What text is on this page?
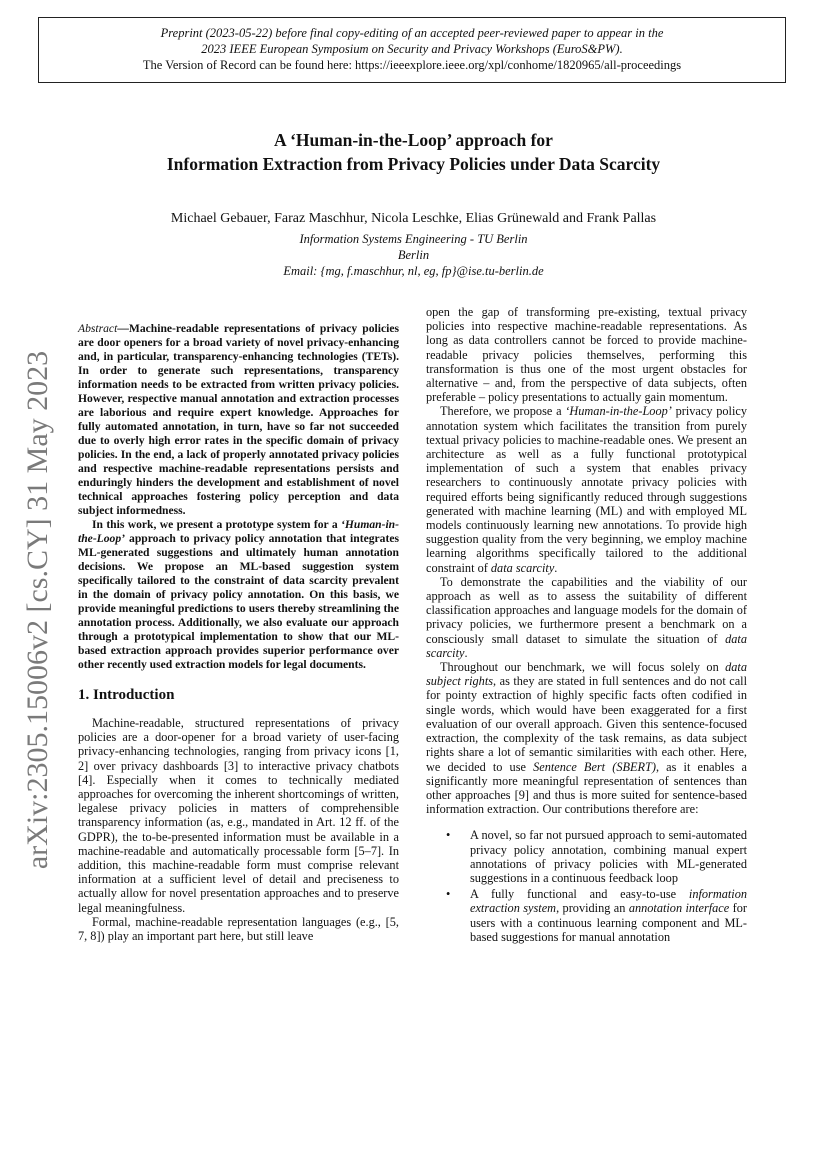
Preprint (2023-05-22) before final copy-editing of an accepted peer-reviewed paper to appear in the
2023 IEEE European Symposium on Security and Privacy Workshops (EuroS&PW).
The Version of Record can be found here: https://ieeexplore.ieee.org/xpl/conhome/1820965/all-proceedings
arXiv:2305.15006v2 [cs.CY] 31 May 2023
A ‘Human-in-the-Loop’ approach for
Information Extraction from Privacy Policies under Data Scarcity
Michael Gebauer, Faraz Maschhur, Nicola Leschke, Elias Grünewald and Frank Pallas
Information Systems Engineering - TU Berlin
Berlin
Email: {mg, f.maschhur, nl, eg, fp}@ise.tu-berlin.de

Abstract—Machine-readable representations of privacy policies are door openers for a broad variety of novel privacy-enhancing and, in particular, transparency-enhancing technologies (TETs). In order to generate such representations, transparency information needs to be extracted from written privacy policies. However, respective manual annotation and extraction processes are laborious and require expert knowledge. Approaches for fully automated annotation, in turn, have so far not succeeded due to overly high error rates in the specific domain of privacy policies. In the end, a lack of properly annotated privacy policies and respective machine-readable representations persists and enduringly hinders the development and establishment of novel technical approaches fostering policy perception and data subject informedness.

In this work, we present a prototype system for a ‘Human-in-the-Loop’ approach to privacy policy annotation that integrates ML-generated suggestions and ultimately human annotation decisions. We propose an ML-based suggestion system specifically tailored to the constraint of data scarcity prevalent in the domain of privacy policy annotation. On this basis, we provide meaningful predictions to users thereby streamlining the annotation process. Additionally, we also evaluate our approach through a prototypical implementation to show that our ML-based extraction approach provides superior performance over other recently used extraction models for legal documents.

1. Introduction

Machine-readable, structured representations of privacy policies are a door-opener for a broad variety of user-facing privacy-enhancing technologies, ranging from privacy icons [1, 2] over privacy dashboards [3] to interactive privacy chatbots [4]. Especially when it comes to technically mediated approaches for overcoming the inherent shortcomings of written, legalese privacy policies in matters of comprehensible transparency information (as, e.g., mandated in Art. 12 ff. of the GDPR), the to-be-presented information must be available in a machine-readable and automatically processable form [5–7]. In addition, this machine-readable form must comprise relevant information at a sufficient level of detail and preciseness to actually allow for novel presentation approaches and to preserve legal meaningfulness.

Formal, machine-readable representation languages (e.g., [5, 7, 8]) play an important part here, but still leave

open the gap of transforming pre-existing, textual privacy policies into respective machine-readable representations. As long as data controllers cannot be forced to provide machine-readable privacy policies themselves, performing this transformation is thus one of the most urgent obstacles for alternative – and, from the perspective of data subjects, often preferable – policy presentations to actually gain momentum.

Therefore, we propose a ‘Human-in-the-Loop’ privacy policy annotation system which facilitates the transition from purely textual privacy policies to machine-readable ones. We present an architecture as well as a fully functional prototypical implementation of such a system that enables privacy researchers to continuously annotate privacy policies with required efforts being significantly reduced through suggestions generated with machine learning (ML) and with employed ML models continuously learning new annotations. To provide high suggestion quality from the very beginning, we employ machine learning algorithms specifically tailored to the additional constraint of data scarcity.

To demonstrate the capabilities and the viability of our approach as well as to assess the suitability of different classification approaches and language models for the domain of privacy policies, we furthermore present a benchmark on a consciously small dataset to simulate the situation of data scarcity.

Throughout our benchmark, we will focus solely on data subject rights, as they are stated in full sentences and do not call for pointy extraction of highly specific facts often codified in single words, which would have been exaggerated for a first evaluation of our overall approach. Given this sentence-focused extraction, the complexity of the task remains, as data subject rights share a lot of semantic similarities with each other. Here, we decided to use Sentence Bert (SBERT), as it enables a significantly more meaningful representation of sentences than other approaches [9] and thus is more suited for sentence-based information extraction. Our contributions therefore are:

• A novel, so far not pursued approach to semi-automated privacy policy annotation, combining manual expert annotations of privacy policies with ML-generated suggestions in a continuous feedback loop
• A fully functional and easy-to-use information extraction system, providing an annotation interface for users with a continuous learning component and ML-based suggestions for manual annotation
